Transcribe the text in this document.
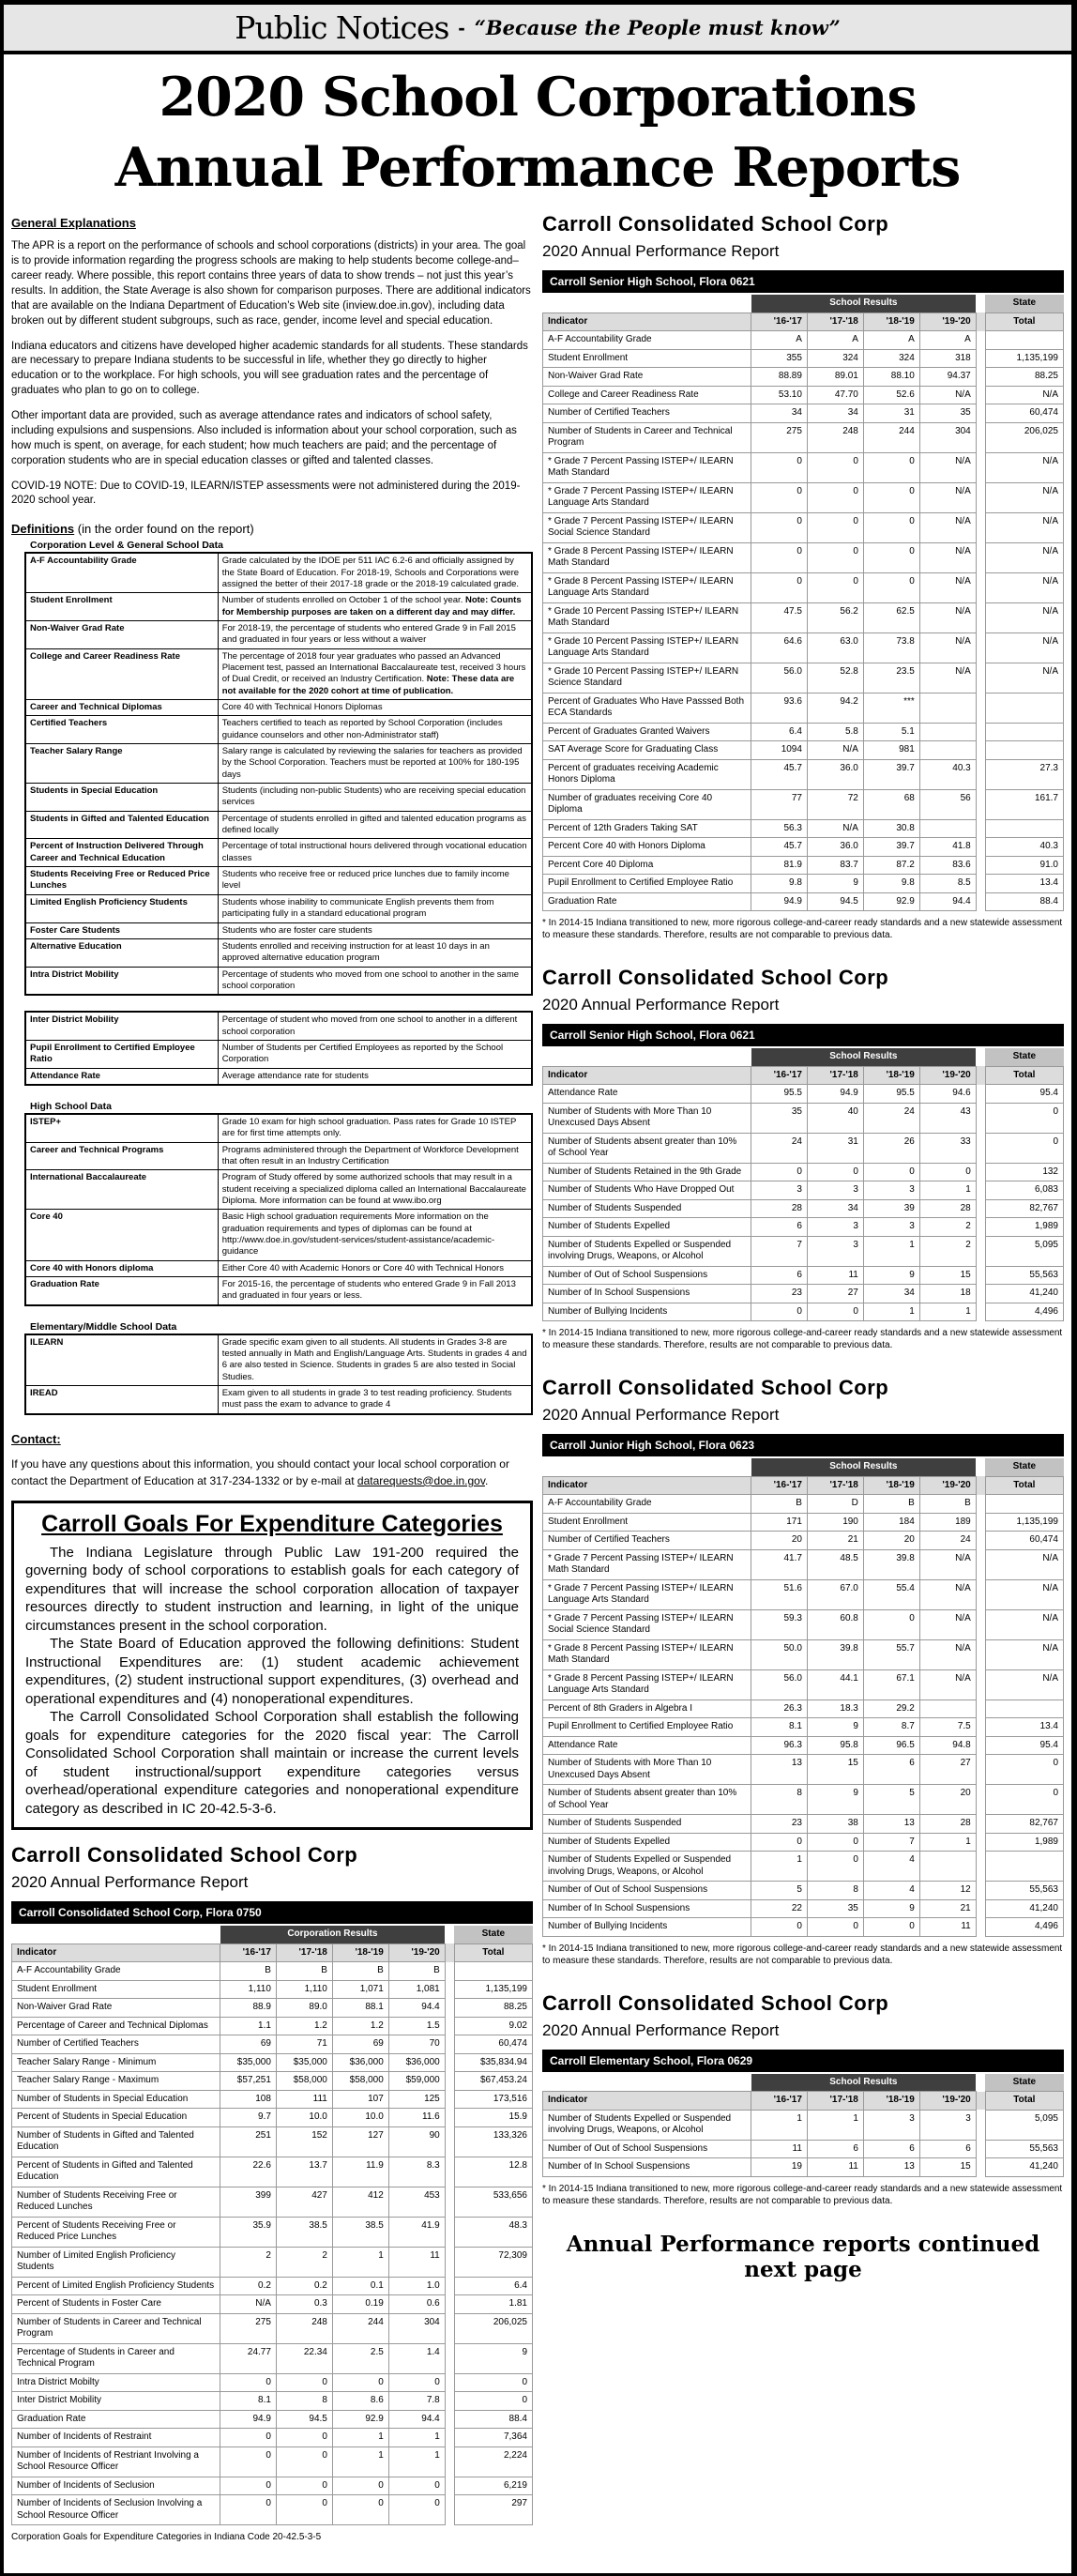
Public Notices - “Because the People must know”
2020 School Corporations
Annual Performance Reports
General Explanations

The APR is a report on the performance of schools and school corporations (districts) in your area. The goal is to provide information regarding the progress schools are making to help students become college-and–career ready. Where possible, this report contains three years of data to show trends – not just this year’s results. In addition, the State Average is also shown for comparison purposes. There are additional indicators that are available on the Indiana Department of Education’s Web site (inview.doe.in.gov), including data broken out by different student subgroups, such as race, gender, income level and special education.

Indiana educators and citizens have developed higher academic standards for all students. These standards are necessary to prepare Indiana students to be successful in life, whether they go directly to higher education or to the workplace. For high schools, you will see graduation rates and the percentage of graduates who plan to go on to college.

Other important data are provided, such as average attendance rates and indicators of school safety, including expulsions and suspensions. Also included is information about your school corporation, such as how much is spent, on average, for each student; how much teachers are paid; and the percentage of corporation students who are in special education classes or gifted and talented classes.

COVID-19 NOTE: Due to COVID-19, ILEARN/ISTEP assessments were not administered during the 2019-2020 school year.

Definitions (in the order found on the report)
Corporation Level & General School Data
A-F Accountability Grade	Grade calculated by the IDOE per 511 IAC 6.2-6 and officially assigned by the State Board of Education. For 2018-19, Schools and Corporations were assigned the better of their 2017-18 grade or the 2018-19 calculated grade.
Student Enrollment	Number of students enrolled on October 1 of the school year. Note: Counts for Membership purposes are taken on a different day and may differ.
Non-Waiver Grad Rate	For 2018-19, the percentage of students who entered Grade 9 in Fall 2015 and graduated in four years or less without a waiver
College and Career Readiness Rate	The percentage of 2018 four year graduates who passed an Advanced Placement test, passed an International Baccalaureate test, received 3 hours of Dual Credit, or received an Industry Certification. Note: These data are not available for the 2020 cohort at time of publication.
Career and Technical Diplomas	Core 40 with Technical Honors Diplomas
Certified Teachers	Teachers certified to teach as reported by School Corporation (includes guidance counselors and other non-Administrator staff)
Teacher Salary Range	Salary range is calculated by reviewing the salaries for teachers as provided by the School Corporation. Teachers must be reported at 100% for 180-195 days
Students in Special Education	Students (including non-public Students) who are receiving special education services
Students in Gifted and Talented Education	Percentage of students enrolled in gifted and talented education programs as defined locally
Percent of Instruction Delivered Through Career and Technical Education	Percentage of total instructional hours delivered through vocational education classes
Students Receiving Free or Reduced Price Lunches	Students who receive free or reduced price lunches due to family income level
Limited English Proficiency Students	Students whose inability to communicate English prevents them from participating fully in a standard educational program
Foster Care Students	Students who are foster care students
Alternative Education	Students enrolled and receiving instruction for at least 10 days in an approved alternative education program
Intra District Mobility	Percentage of students who moved from one school to another in the same school corporation
Inter District Mobility	Percentage of student who moved from one school to another in a different school corporation
Pupil Enrollment to Certified Employee Ratio	Number of Students per Certified Employees as reported by the School Corporation
Attendance Rate	Average attendance rate for students
High School Data
ISTEP+	Grade 10 exam for high school graduation. Pass rates for Grade 10 ISTEP are for first time attempts only.
Career and Technical Programs	Programs administered through the Department of Workforce Development that often result in an Industry Certification
International Baccalaureate	Program of Study offered by some authorized schools that may result in a student receiving a specialized diploma called an International Baccalaureate Diploma. More information can be found at www.ibo.org
Core 40	Basic High school graduation requirements More information on the graduation requirements and types of diplomas can be found at http://www.doe.in.gov/student-services/student-assistance/academic-guidance
Core 40 with Honors diploma	Either Core 40 with Academic Honors or Core 40 with Technical Honors
Graduation Rate	For 2015-16, the percentage of students who entered Grade 9 in Fall 2013 and graduated in four years or less.
Elementary/Middle School Data
ILEARN	Grade specific exam given to all students. All students in Grades 3-8 are tested annually in Math and English/Language Arts. Students in grades 4 and 6 are also tested in Science. Students in grades 5 are also tested in Social Studies.
IREAD	Exam given to all students in grade 3 to test reading proficiency. Students must pass the exam to advance to grade 4
Contact:

If you have any questions about this information, you should contact your local school corporation or contact the Department of Education at 317-234-1332 or by e-mail at datarequests@doe.in.gov.

Carroll Goals For Expenditure Categories

The Indiana Legislature through Public Law 191-200 required the governing body of school corporations to establish goals for each category of expenditures that will increase the school corporation allocation of taxpayer resources directly to student instruction and learning, in light of the unique circumstances present in the school corporation.

The State Board of Education approved the following definitions: Student Instructional Expenditures are: (1) student academic achievement expenditures, (2) student instructional support expenditures, (3) overhead and operational expenditures and (4) nonoperational expenditures.

The Carroll Consolidated School Corporation shall establish the following goals for expenditure categories for the 2020 fiscal year: The Carroll Consolidated School Corporation shall maintain or increase the current levels of student instructional/support expenditure categories versus overhead/operational expenditure categories and nonoperational expenditure category as described in IC 20-42.5-3-6.

Carroll Consolidated School Corp
2020 Annual Performance Report
Carroll Consolidated School Corp, Flora 0750
	Corporation Results					State
Indicator	'16-'17	'17-'18	'18-'19	'19-'20		Total
A-F Accountability Grade	B	B	B	B		
Student Enrollment	1,110	1,110	1,071	1,081		1,135,199
Non-Waiver Grad Rate	88.9	89.0	88.1	94.4		88.25
Percentage of Career and Technical Diplomas	1.1	1.2	1.2	1.5		9.02
Number of Certified Teachers	69	71	69	70		60,474
Teacher Salary Range - Minimum	$35,000	$35,000	$36,000	$36,000		$35,834.94
Teacher Salary Range - Maximum	$57,251	$58,000	$58,000	$59,000		$67,453.24
Number of Students in Special Education	108	111	107	125		173,516
Percent of Students in Special Education	9.7	10.0	10.0	11.6		15.9
Number of Students in Gifted and Talented Education	251	152	127	90		133,326
Percent of Students in Gifted and Talented Education	22.6	13.7	11.9	8.3		12.8
Number of Students Receiving Free or Reduced Lunches	399	427	412	453		533,656
Percent of Students Receiving Free or Reduced Price Lunches	35.9	38.5	38.5	41.9		48.3
Number of Limited English Proficiency Students	2	2	1	11		72,309
Percent of Limited English Proficiency Students	0.2	0.2	0.1	1.0		6.4
Percent of Students in Foster Care	N/A	0.3	0.19	0.6		1.81
Number of Students in Career and Technical Program	275	248	244	304		206,025
Percentage of Students in Career and Technical Program	24.77	22.34	2.5	1.4		9
Intra District Mobilty	0	0	0	0		0
Inter District Mobility	8.1	8	8.6	7.8		0
Graduation Rate	94.9	94.5	92.9	94.4		88.4
Number of Incidents of Restraint	0	0	1	1		7,364
Number of Incidents of Restriant Involving a School Resource Officer	0	0	1	1		2,224
Number of Incidents of Seclusion	0	0	0	0		6,219
Number of Incidents of Seclusion Involving a School Resource Officer	0	0	0	0		297

Corporation Goals for Expenditure Categories in Indiana Code 20-42.5-3-5

Carroll Consolidated School Corp
2020 Annual Performance Report
Carroll Senior High School, Flora 0621
	School Results					State
Indicator	'16-'17	'17-'18	'18-'19	'19-'20		Total
A-F Accountability Grade	A	A	A	A		
Student Enrollment	355	324	324	318		1,135,199
Non-Waiver Grad Rate	88.89	89.01	88.10	94.37		88.25
College and Career Readiness Rate	53.10	47.70	52.6	N/A		N/A
Number of Certified Teachers	34	34	31	35		60,474
Number of Students in Career and Technical Program	275	248	244	304		206,025
* Grade 7 Percent Passing ISTEP+/ ILEARN Math Standard	0	0	0	N/A		N/A
* Grade 7 Percent Passing ISTEP+/ ILEARN Language Arts Standard	0	0	0	N/A		N/A
* Grade 7 Percent Passing ISTEP+/ ILEARN Social Science Standard	0	0	0	N/A		N/A
* Grade 8 Percent Passing ISTEP+/ ILEARN Math Standard	0	0	0	N/A		N/A
* Grade 8 Percent Passing ISTEP+/ ILEARN Language Arts Standard	0	0	0	N/A		N/A
* Grade 10 Percent Passing ISTEP+/ ILEARN Math Standard	47.5	56.2	62.5	N/A		N/A
* Grade 10 Percent Passing ISTEP+/ ILEARN Language Arts Standard	64.6	63.0	73.8	N/A		N/A
* Grade 10 Percent Passing ISTEP+/ ILEARN Science Standard	56.0	52.8	23.5	N/A		N/A
Percent of Graduates Who Have Passsed Both ECA Standards	93.6	94.2	***			
Percent of Graduates Granted Waivers	6.4	5.8	5.1			
SAT Average Score for Graduating Class	1094	N/A	981			
Percent of graduates receiving Academic Honors Diploma	45.7	36.0	39.7	40.3		27.3
Number of graduates receiving Core 40 Diploma	77	72	68	56		161.7
Percent of 12th Graders Taking SAT	56.3	N/A	30.8			
Percent Core 40 with Honors Diploma	45.7	36.0	39.7	41.8		40.3
Percent Core 40 Diploma	81.9	83.7	87.2	83.6		91.0
Pupil Enrollment to Certified Employee Ratio	9.8	9	9.8	8.5		13.4
Graduation Rate	94.9	94.5	92.9	94.4		88.4

* In 2014-15 Indiana transitioned to new, more rigorous college-and-career ready standards and a new statewide assessment to measure these standards. Therefore, results are not comparable to previous data.

Carroll Consolidated School Corp
2020 Annual Performance Report
Carroll Senior High School, Flora 0621
	School Results					State
Indicator	'16-'17	'17-'18	'18-'19	'19-'20		Total
Attendance Rate	95.5	94.9	95.5	94.6		95.4
Number of Students with More Than 10 Unexcused Days Absent	35	40	24	43		0
Number of Students absent greater than 10% of School Year	24	31	26	33		0
Number of Students Retained in the 9th Grade	0	0	0	0		132
Number of Students Who Have Dropped Out	3	3	3	1		6,083
Number of Students Suspended	28	34	39	28		82,767
Number of Students Expelled	6	3	3	2		1,989
Number of Students Expelled or Suspended involving Drugs, Weapons, or Alcohol	7	3	1	2		5,095
Number of Out of School Suspensions	6	11	9	15		55,563
Number of In School Suspensions	23	27	34	18		41,240
Number of Bullying Incidents	0	0	1	1		4,496

* In 2014-15 Indiana transitioned to new, more rigorous college-and-career ready standards and a new statewide assessment to measure these standards. Therefore, results are not comparable to previous data.

Carroll Consolidated School Corp
2020 Annual Performance Report
Carroll Junior High School, Flora 0623
	School Results					State
Indicator	'16-'17	'17-'18	'18-'19	'19-'20		Total
A-F Accountability Grade	B	D	B	B		
Student Enrollment	171	190	184	189		1,135,199
Number of Certified Teachers	20	21	20	24		60,474
* Grade 7 Percent Passing ISTEP+/ ILEARN Math Standard	41.7	48.5	39.8	N/A		N/A
* Grade 7 Percent Passing ISTEP+/ ILEARN Language Arts Standard	51.6	67.0	55.4	N/A		N/A
* Grade 7 Percent Passing ISTEP+/ ILEARN Social Science Standard	59.3	60.8	0	N/A		N/A
* Grade 8 Percent Passing ISTEP+/ ILEARN Math Standard	50.0	39.8	55.7	N/A		N/A
* Grade 8 Percent Passing ISTEP+/ ILEARN Language Arts Standard	56.0	44.1	67.1	N/A		N/A
Percent of 8th Graders in Algebra I	26.3	18.3	29.2			
Pupil Enrollment to Certified Employee Ratio	8.1	9	8.7	7.5		13.4
Attendance Rate	96.3	95.8	96.5	94.8		95.4
Number of Students with More Than 10 Unexcused Days Absent	13	15	6	27		0
Number of Students absent greater than 10% of School Year	8	9	5	20		0
Number of Students Suspended	23	38	13	28		82,767
Number of Students Expelled	0	0	7	1		1,989
Number of Students Expelled or Suspended involving Drugs, Weapons, or Alcohol	1	0	4			
Number of Out of School Suspensions	5	8	4	12		55,563
Number of In School Suspensions	22	35	9	21		41,240
Number of Bullying Incidents	0	0	0	11		4,496

* In 2014-15 Indiana transitioned to new, more rigorous college-and-career ready standards and a new statewide assessment to measure these standards. Therefore, results are not comparable to previous data.

Carroll Consolidated School Corp
2020 Annual Performance Report
Carroll Elementary School, Flora 0629
	School Results					State
Indicator	'16-'17	'17-'18	'18-'19	'19-'20		Total
Number of Students Expelled or Suspended involving Drugs, Weapons, or Alcohol	1	1	3	3		5,095
Number of Out of School Suspensions	11	6	6	6		55,563
Number of In School Suspensions	19	11	13	15		41,240

* In 2014-15 Indiana transitioned to new, more rigorous college-and-career ready standards and a new statewide assessment to measure these standards. Therefore, results are not comparable to previous data.

Annual Performance reports continued next page
